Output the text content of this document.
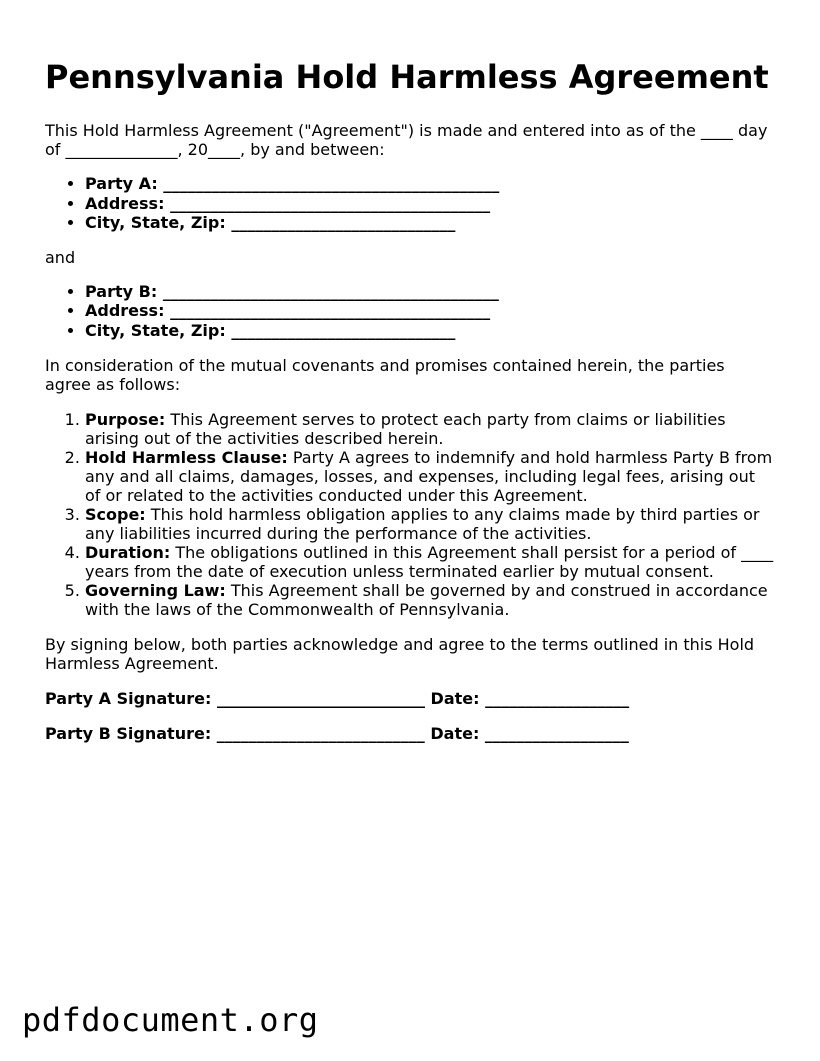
Pennsylvania Hold Harmless Agreement

This Hold Harmless Agreement ("Agreement") is made and entered into as of the ____ day of ______________, 20____, by and between:

• Party A: __________________________________________
• Address: ________________________________________
• City, State, Zip: ____________________________

and

• Party B: __________________________________________
• Address: ________________________________________
• City, State, Zip: ____________________________

In consideration of the mutual covenants and promises contained herein, the parties agree as follows:

1. Purpose: This Agreement serves to protect each party from claims or liabilities arising out of the activities described herein.
2. Hold Harmless Clause: Party A agrees to indemnify and hold harmless Party B from any and all claims, damages, losses, and expenses, including legal fees, arising out of or related to the activities conducted under this Agreement.
3. Scope: This hold harmless obligation applies to any claims made by third parties or any liabilities incurred during the performance of the activities.
4. Duration: The obligations outlined in this Agreement shall persist for a period of ____ years from the date of execution unless terminated earlier by mutual consent.
5. Governing Law: This Agreement shall be governed by and construed in accordance with the laws of the Commonwealth of Pennsylvania.

By signing below, both parties acknowledge and agree to the terms outlined in this Hold Harmless Agreement.

Party A Signature: __________________________ Date: __________________

Party B Signature: __________________________ Date: __________________

pdfdocument.org
